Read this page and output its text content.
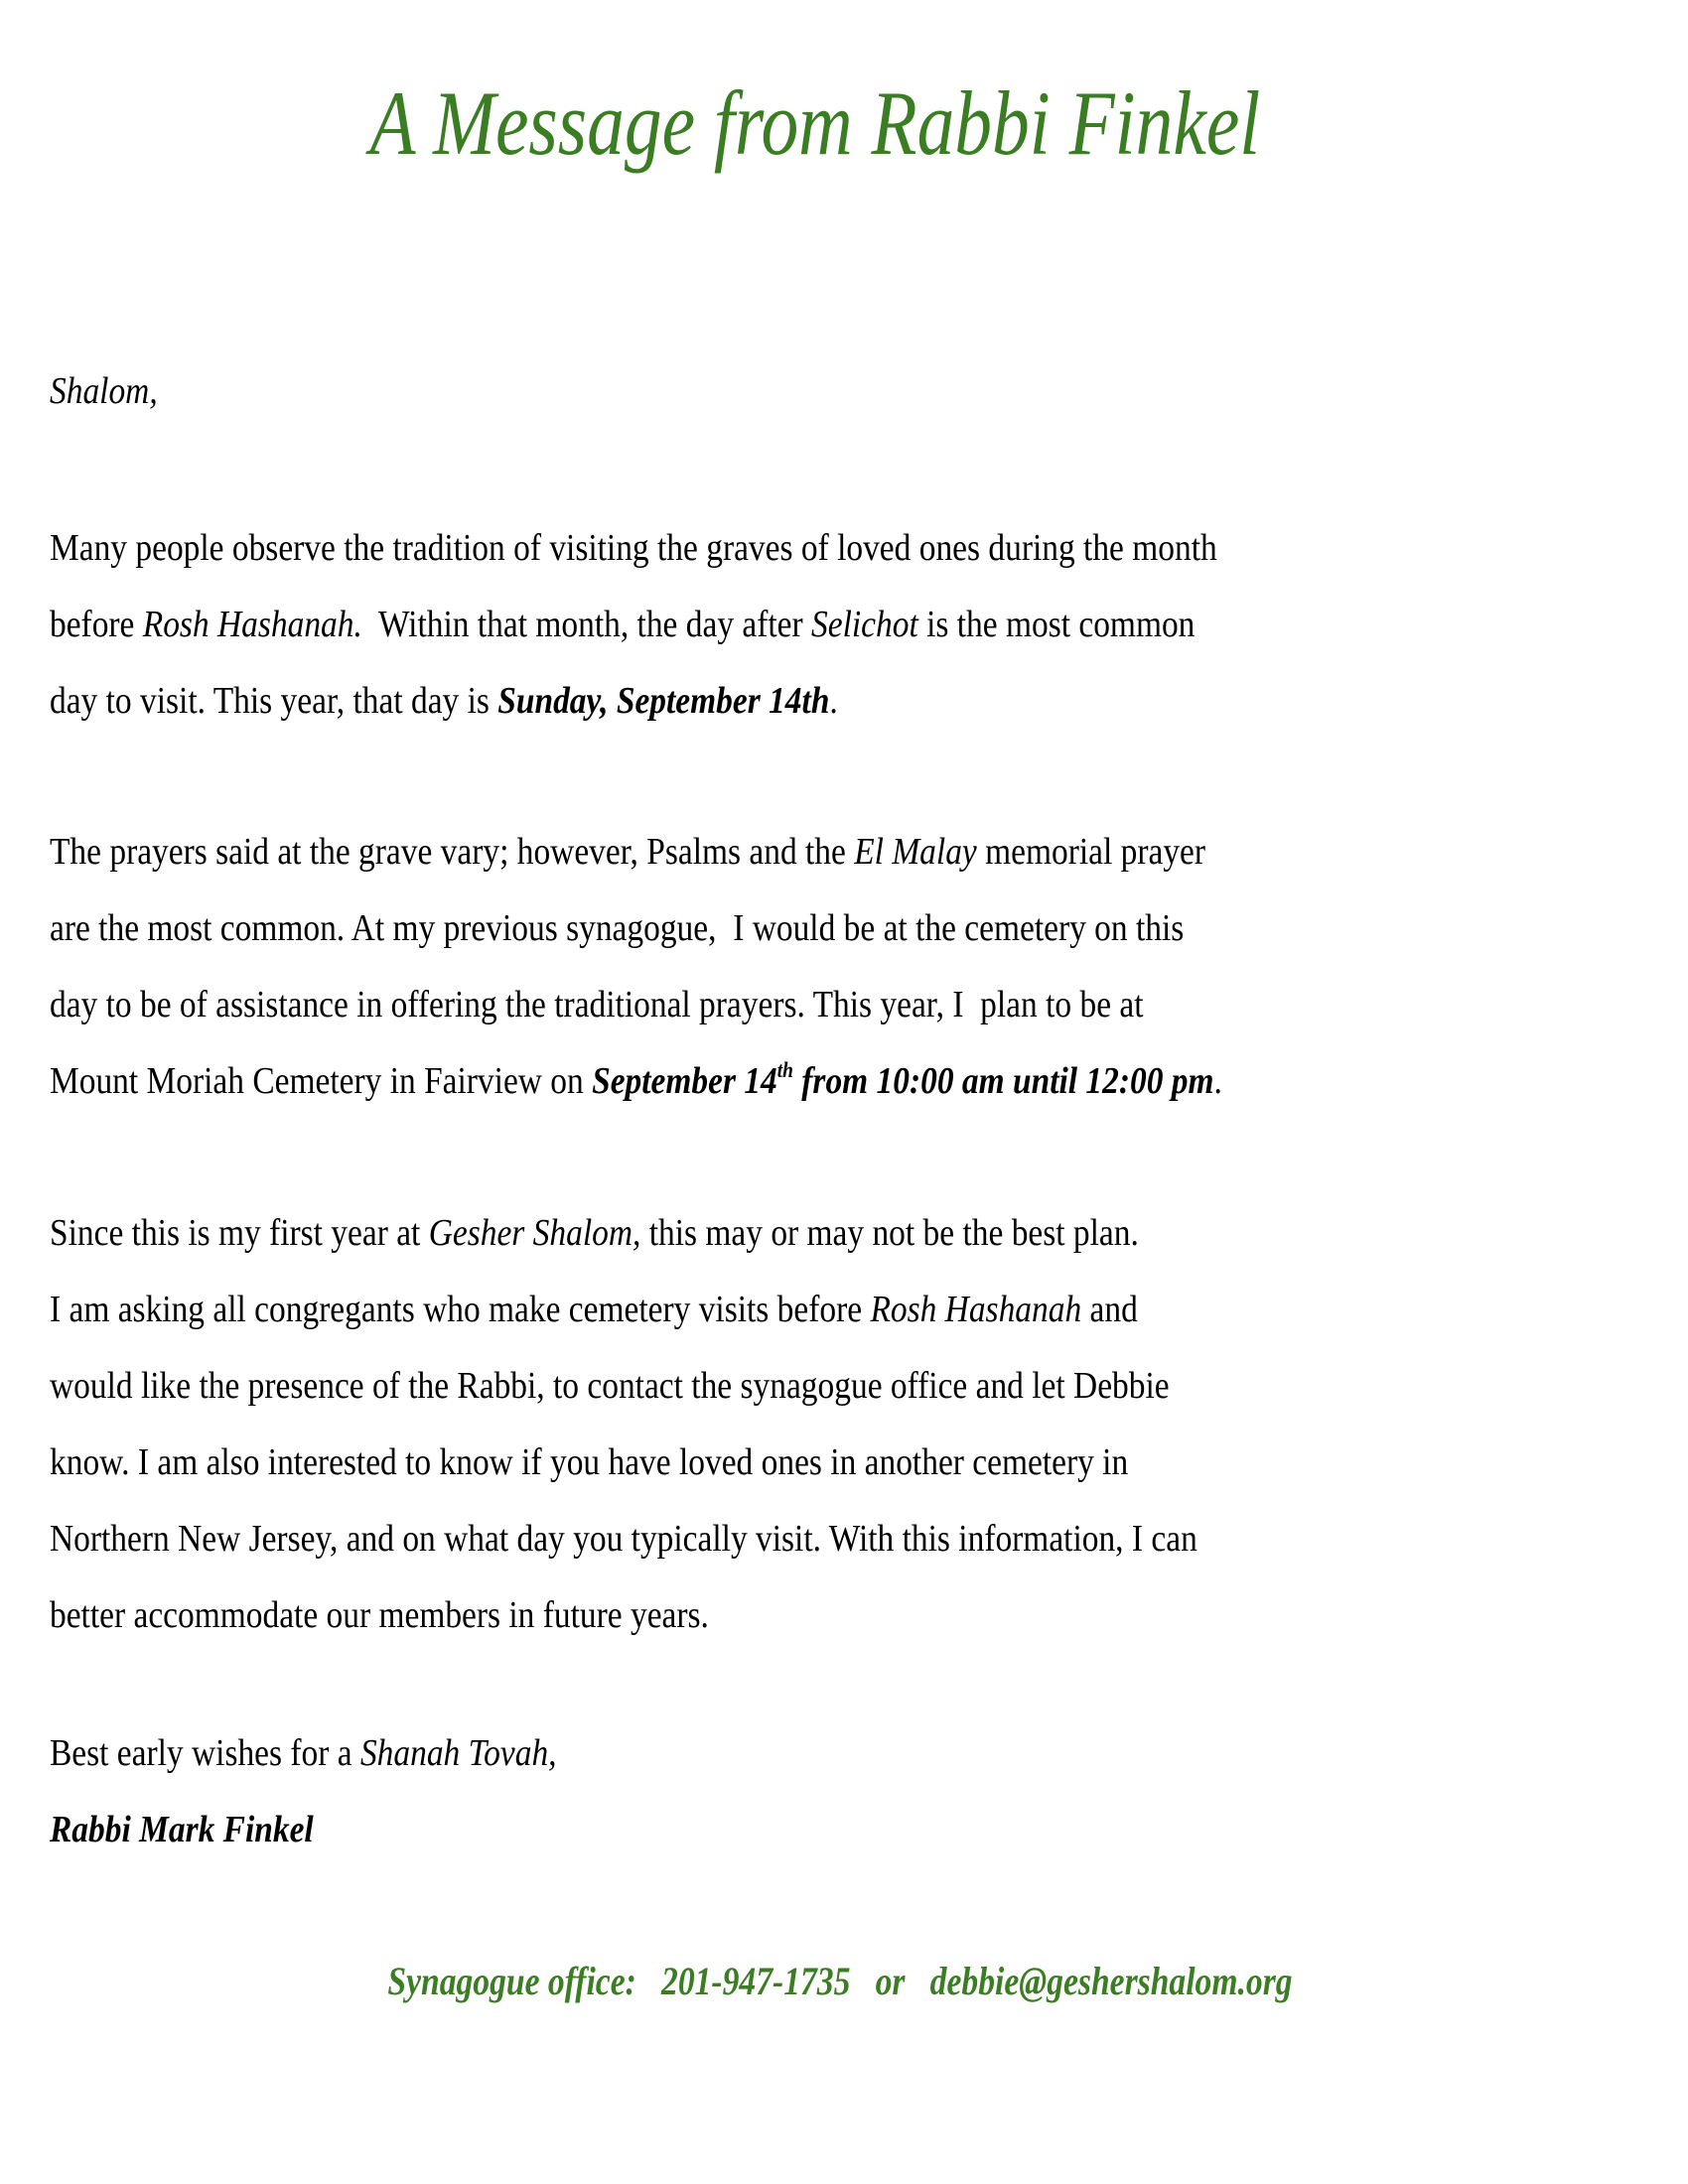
A Message from Rabbi Finkel
Shalom,
Many people observe the tradition of visiting the graves of loved ones during the month
before Rosh Hashanah.  Within that month, the day after Selichot is the most common
day to visit. This year, that day is Sunday, September 14th.
The prayers said at the grave vary; however, Psalms and the El Malay memorial prayer
are the most common. At my previous synagogue,  I would be at the cemetery on this
day to be of assistance in offering the traditional prayers. This year, I  plan to be at
Mount Moriah Cemetery in Fairview on September 14th from 10:00 am until 12:00 pm.
Since this is my first year at Gesher Shalom, this may or may not be the best plan.
I am asking all congregants who make cemetery visits before Rosh Hashanah and
would like the presence of the Rabbi, to contact the synagogue office and let Debbie
know. I am also interested to know if you have loved ones in another cemetery in
Northern New Jersey, and on what day you typically visit. With this information, I can
better accommodate our members in future years.
Best early wishes for a Shanah Tovah,
Rabbi Mark Finkel
Synagogue office: 201-947-1735 or debbie@geshershalom.org
